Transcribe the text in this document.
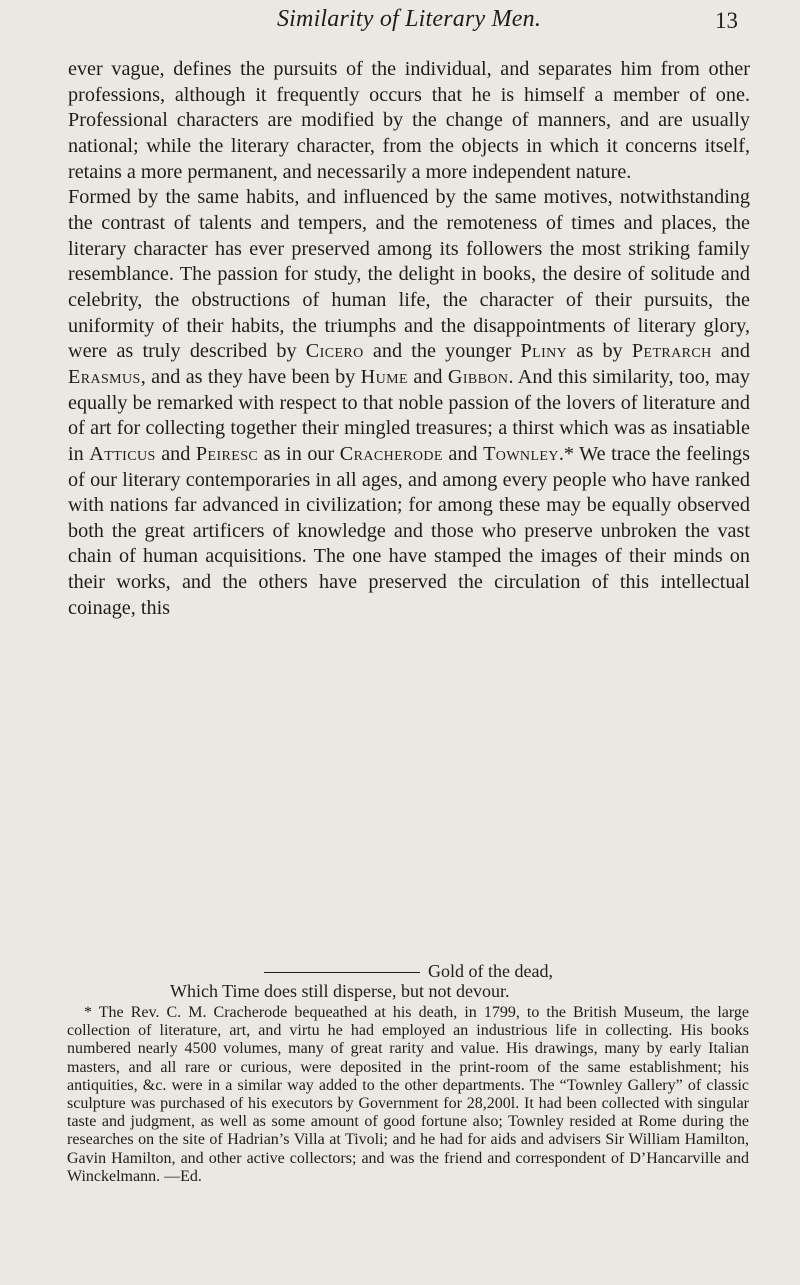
Similarity of Literary Men.	13

ever vague, defines the pursuits of the individual, and separates him from other professions, although it frequently occurs that he is himself a member of one. Professional characters are modified by the change of manners, and are usually national; while the literary character, from the objects in which it concerns itself, retains a more permanent, and necessarily a more independent nature.

Formed by the same habits, and influenced by the same motives, notwithstanding the contrast of talents and tempers, and the remoteness of times and places, the literary character has ever preserved among its followers the most striking family resemblance. The passion for study, the delight in books, the desire of solitude and celebrity, the obstructions of human life, the character of their pursuits, the uniformity of their habits, the triumphs and the disappointments of literary glory, were as truly described by Cicero and the younger Pliny as by Petrarch and Erasmus, and as they have been by Hume and Gibbon. And this similarity, too, may equally be remarked with respect to that noble passion of the lovers of literature and of art for collecting together their mingled treasures; a thirst which was as insatiable in Atticus and Peiresc as in our Cracherode and Townley.* We trace the feelings of our literary contemporaries in all ages, and among every people who have ranked with nations far advanced in civilization; for among these may be equally observed both the great artificers of knowledge and those who preserve unbroken the vast chain of human acquisitions. The one have stamped the images of their minds on their works, and the others have preserved the circulation of this intellectual coinage, this

Gold of the dead,
Which Time does still disperse, but not devour.

* The Rev. C. M. Cracherode bequeathed at his death, in 1799, to the British Museum, the large collection of literature, art, and virtu he had employed an industrious life in collecting. His books numbered nearly 4500 volumes, many of great rarity and value. His drawings, many by early Italian masters, and all rare or curious, were deposited in the print-room of the same establishment; his antiquities, &c. were in a similar way added to the other departments. The “Townley Gallery” of classic sculpture was purchased of his executors by Government for 28,200l. It had been collected with singular taste and judgment, as well as some amount of good fortune also; Townley resided at Rome during the researches on the site of Hadrian’s Villa at Tivoli; and he had for aids and advisers Sir William Hamilton, Gavin Hamilton, and other active collectors; and was the friend and correspondent of D’Hancarville and Winckelmann. —Ed.
